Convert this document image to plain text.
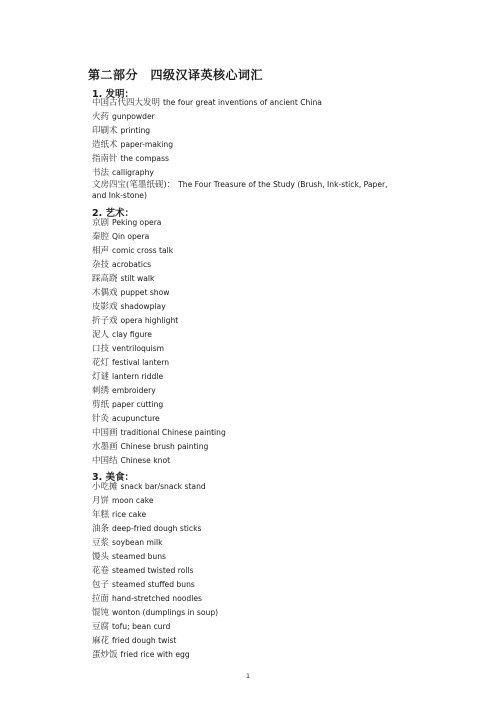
第二部分　四级汉译英核心词汇
1. 发明：
中国古代四大发明 the four great inventions of ancient China
火药 gunpowder
印刷术 printing
造纸术 paper-making
指南针 the compass
书法 calligraphy
文房四宝(笔墨纸砚)： The Four Treasure of the Study (Brush, Ink-stick, Paper, and Ink-stone)
2. 艺术：
京剧 Peking opera
秦腔 Qin opera
相声 comic cross talk
杂技 acrobatics
踩高跷 stilt walk
木偶戏 puppet show
皮影戏 shadowplay
折子戏 opera highlight
泥人 clay figure
口技 ventriloquism
花灯 festival lantern
灯谜 lantern riddle
刺绣 embroidery
剪纸 paper cutting
针灸 acupuncture
中国画 traditional Chinese painting
水墨画 Chinese brush painting
中国结 Chinese knot
3. 美食：
小吃摊 snack bar/snack stand
月饼 moon cake
年糕 rice cake
油条 deep-fried dough sticks
豆浆 soybean milk
馒头 steamed buns
花卷 steamed twisted rolls
包子 steamed stuffed buns
拉面 hand-stretched noodles
馄饨 wonton (dumplings in soup)
豆腐 tofu; bean curd
麻花 fried dough twist
蛋炒饭 fried rice with egg
1
